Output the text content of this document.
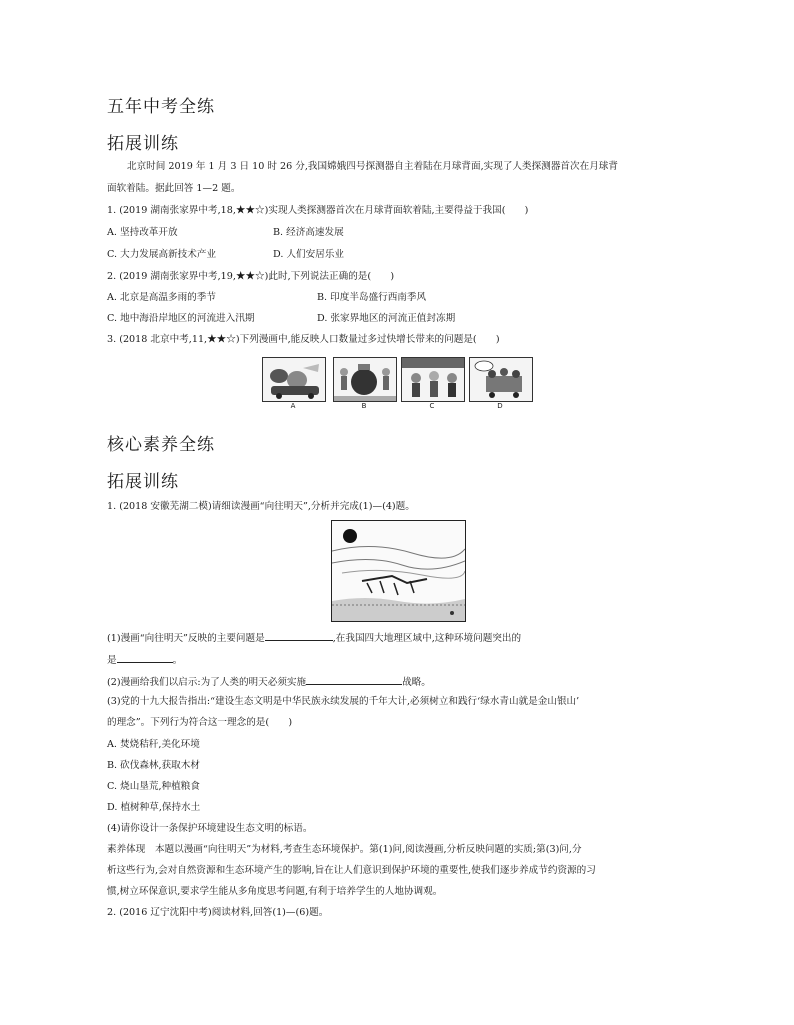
五年中考全练
拓展训练
北京时间 2019 年 1 月 3 日 10 时 26 分,我国嫦娥四号探测器自主着陆在月球背面,实现了人类探测器首次在月球背
面软着陆。据此回答 1—2 题。
1. (2019 湖南张家界中考,18,★★☆)实现人类探测器首次在月球背面软着陆,主要得益于我国(　　)
A. 坚持改革开放	B. 经济高速发展
C. 大力发展高新技术产业	D. 人们安居乐业
2. (2019 湖南张家界中考,19,★★☆)此时,下列说法正确的是(　　)
A. 北京是高温多雨的季节	B. 印度半岛盛行西南季风
C. 地中海沿岸地区的河流进入汛期	D. 张家界地区的河流正值封冻期
3. (2018 北京中考,11,★★☆)下列漫画中,能反映人口数量过多过快增长带来的问题是(　　)
A	B	C	D
核心素养全练
拓展训练
1. (2018 安徽芜湖二模)请细读漫画“向往明天”,分析并完成(1)—(4)题。
(1)漫画“向往明天”反映的主要问题是	,在我国四大地理区域中,这种环境问题突出的
是	。
(2)漫画给我们以启示:为了人类的明天必须实施	战略。
(3)党的十九大报告指出:“建设生态文明是中华民族永续发展的千年大计,必须树立和践行‘绿水青山就是金山银山’
的理念”。下列行为符合这一理念的是(　　)
A. 焚烧秸秆,美化环境
B. 砍伐森林,获取木材
C. 烧山垦荒,种植粮食
D. 植树种草,保持水土
(4)请你设计一条保护环境建设生态文明的标语。
素养体现　本题以漫画“向往明天”为材料,考查生态环境保护。第(1)问,阅读漫画,分析反映问题的实质;第(3)问,分
析这些行为,会对自然资源和生态环境产生的影响,旨在让人们意识到保护环境的重要性,使我们逐步养成节约资源的习
惯,树立环保意识,要求学生能从多角度思考问题,有利于培养学生的人地协调观。
2. (2016 辽宁沈阳中考)阅读材料,回答(1)—(6)题。
